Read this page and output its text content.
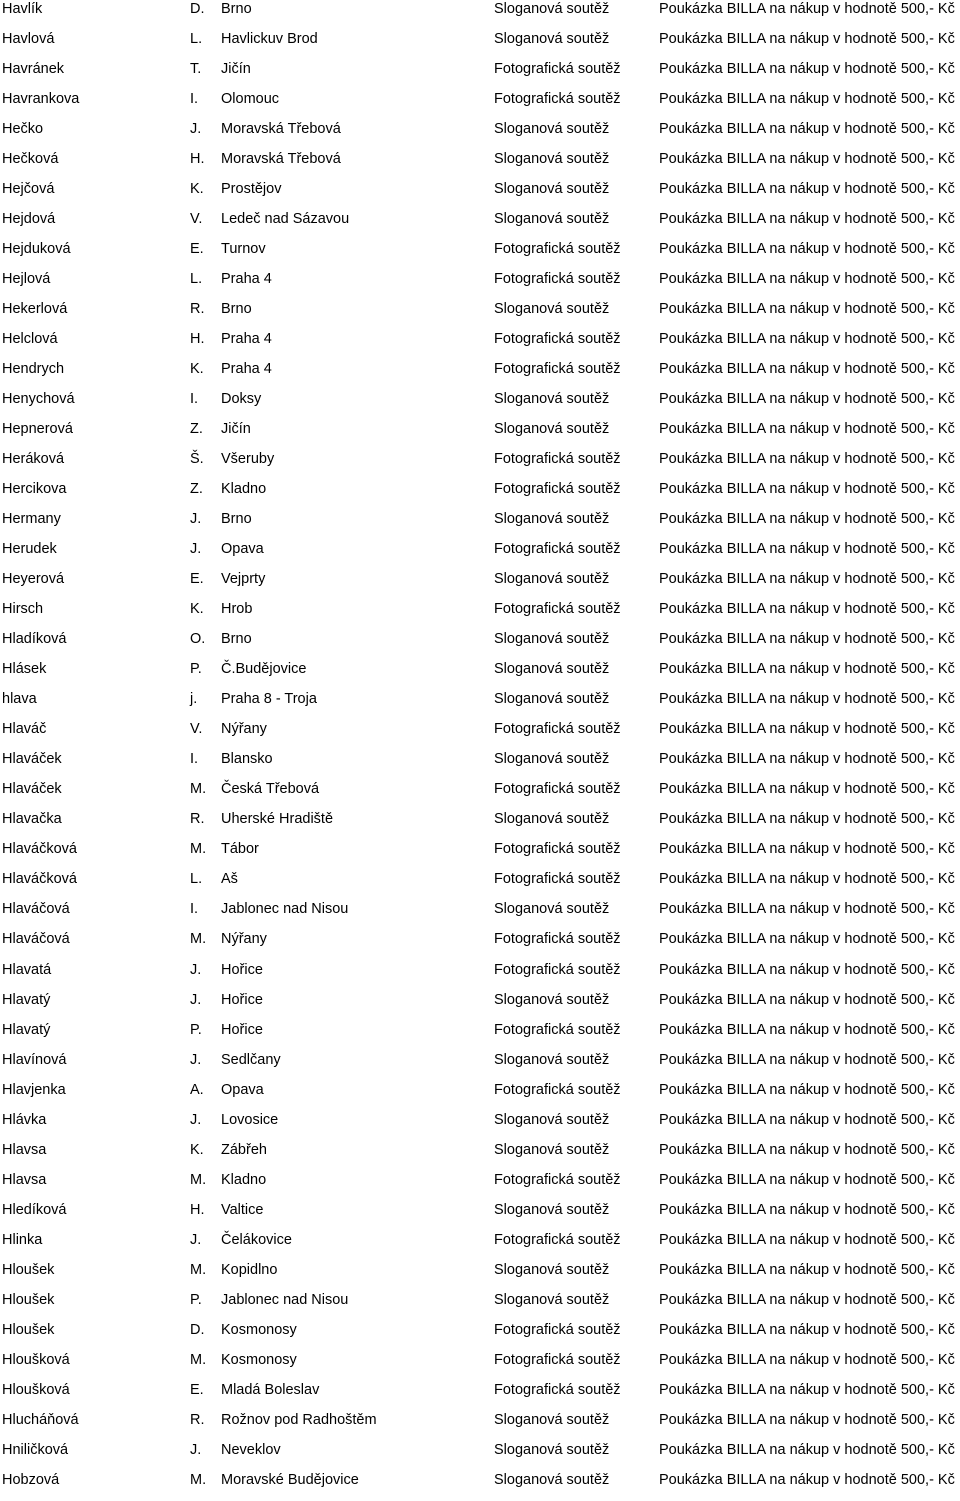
Havlík	D. Brno	Sloganová soutěž	Poukázka BILLA na nákup v hodnotě 500,- Kč
Havlová	L. Havlickuv Brod	Sloganová soutěž	Poukázka BILLA na nákup v hodnotě 500,- Kč
Havránek	T. Jičín	Fotografická soutěž	Poukázka BILLA na nákup v hodnotě 500,- Kč
Havrankova	I. Olomouc	Fotografická soutěž	Poukázka BILLA na nákup v hodnotě 500,- Kč
Hečko	J. Moravská Třebová	Sloganová soutěž	Poukázka BILLA na nákup v hodnotě 500,- Kč
Hečková	H. Moravská Třebová	Sloganová soutěž	Poukázka BILLA na nákup v hodnotě 500,- Kč
Hejčová	K. Prostějov	Sloganová soutěž	Poukázka BILLA na nákup v hodnotě 500,- Kč
Hejdová	V. Ledeč nad Sázavou	Sloganová soutěž	Poukázka BILLA na nákup v hodnotě 500,- Kč
Hejduková	E. Turnov	Fotografická soutěž	Poukázka BILLA na nákup v hodnotě 500,- Kč
Hejlová	L. Praha 4	Fotografická soutěž	Poukázka BILLA na nákup v hodnotě 500,- Kč
Hekerlová	R. Brno	Sloganová soutěž	Poukázka BILLA na nákup v hodnotě 500,- Kč
Helclová	H. Praha 4	Fotografická soutěž	Poukázka BILLA na nákup v hodnotě 500,- Kč
Hendrych	K. Praha 4	Fotografická soutěž	Poukázka BILLA na nákup v hodnotě 500,- Kč
Henychová	I. Doksy	Sloganová soutěž	Poukázka BILLA na nákup v hodnotě 500,- Kč
Hepnerová	Z. Jičín	Sloganová soutěž	Poukázka BILLA na nákup v hodnotě 500,- Kč
Heráková	Š. Všeruby	Fotografická soutěž	Poukázka BILLA na nákup v hodnotě 500,- Kč
Hercikova	Z. Kladno	Fotografická soutěž	Poukázka BILLA na nákup v hodnotě 500,- Kč
Hermany	J. Brno	Sloganová soutěž	Poukázka BILLA na nákup v hodnotě 500,- Kč
Herudek	J. Opava	Fotografická soutěž	Poukázka BILLA na nákup v hodnotě 500,- Kč
Heyerová	E. Vejprty	Sloganová soutěž	Poukázka BILLA na nákup v hodnotě 500,- Kč
Hirsch	K. Hrob	Fotografická soutěž	Poukázka BILLA na nákup v hodnotě 500,- Kč
Hladíková	O. Brno	Sloganová soutěž	Poukázka BILLA na nákup v hodnotě 500,- Kč
Hlásek	P. Č.Budějovice	Sloganová soutěž	Poukázka BILLA na nákup v hodnotě 500,- Kč
hlava	j. Praha 8 - Troja	Sloganová soutěž	Poukázka BILLA na nákup v hodnotě 500,- Kč
Hlaváč	V. Nýřany	Fotografická soutěž	Poukázka BILLA na nákup v hodnotě 500,- Kč
Hlaváček	I. Blansko	Sloganová soutěž	Poukázka BILLA na nákup v hodnotě 500,- Kč
Hlaváček	M. Česká Třebová	Fotografická soutěž	Poukázka BILLA na nákup v hodnotě 500,- Kč
Hlavačka	R. Uherské Hradiště	Sloganová soutěž	Poukázka BILLA na nákup v hodnotě 500,- Kč
Hlaváčková	M. Tábor	Fotografická soutěž	Poukázka BILLA na nákup v hodnotě 500,- Kč
Hlaváčková	L. Aš	Fotografická soutěž	Poukázka BILLA na nákup v hodnotě 500,- Kč
Hlaváčová	I. Jablonec nad Nisou	Sloganová soutěž	Poukázka BILLA na nákup v hodnotě 500,- Kč
Hlaváčová	M. Nýřany	Fotografická soutěž	Poukázka BILLA na nákup v hodnotě 500,- Kč
Hlavatá	J. Hořice	Fotografická soutěž	Poukázka BILLA na nákup v hodnotě 500,- Kč
Hlavatý	J. Hořice	Sloganová soutěž	Poukázka BILLA na nákup v hodnotě 500,- Kč
Hlavatý	P. Hořice	Fotografická soutěž	Poukázka BILLA na nákup v hodnotě 500,- Kč
Hlavínová	J. Sedlčany	Sloganová soutěž	Poukázka BILLA na nákup v hodnotě 500,- Kč
Hlavjenka	A. Opava	Fotografická soutěž	Poukázka BILLA na nákup v hodnotě 500,- Kč
Hlávka	J. Lovosice	Sloganová soutěž	Poukázka BILLA na nákup v hodnotě 500,- Kč
Hlavsa	K. Zábřeh	Sloganová soutěž	Poukázka BILLA na nákup v hodnotě 500,- Kč
Hlavsa	M. Kladno	Fotografická soutěž	Poukázka BILLA na nákup v hodnotě 500,- Kč
Hledíková	H. Valtice	Sloganová soutěž	Poukázka BILLA na nákup v hodnotě 500,- Kč
Hlinka	J. Čelákovice	Fotografická soutěž	Poukázka BILLA na nákup v hodnotě 500,- Kč
Hloušek	M. Kopidlno	Sloganová soutěž	Poukázka BILLA na nákup v hodnotě 500,- Kč
Hloušek	P. Jablonec nad Nisou	Sloganová soutěž	Poukázka BILLA na nákup v hodnotě 500,- Kč
Hloušek	D. Kosmonosy	Fotografická soutěž	Poukázka BILLA na nákup v hodnotě 500,- Kč
Hloušková	M. Kosmonosy	Fotografická soutěž	Poukázka BILLA na nákup v hodnotě 500,- Kč
Hloušková	E. Mladá Boleslav	Fotografická soutěž	Poukázka BILLA na nákup v hodnotě 500,- Kč
Hlucháňová	R. Rožnov pod Radhoštěm	Sloganová soutěž	Poukázka BILLA na nákup v hodnotě 500,- Kč
Hniličková	J. Neveklov	Sloganová soutěž	Poukázka BILLA na nákup v hodnotě 500,- Kč
Hobzová	M. Moravské Budějovice	Sloganová soutěž	Poukázka BILLA na nákup v hodnotě 500,- Kč
